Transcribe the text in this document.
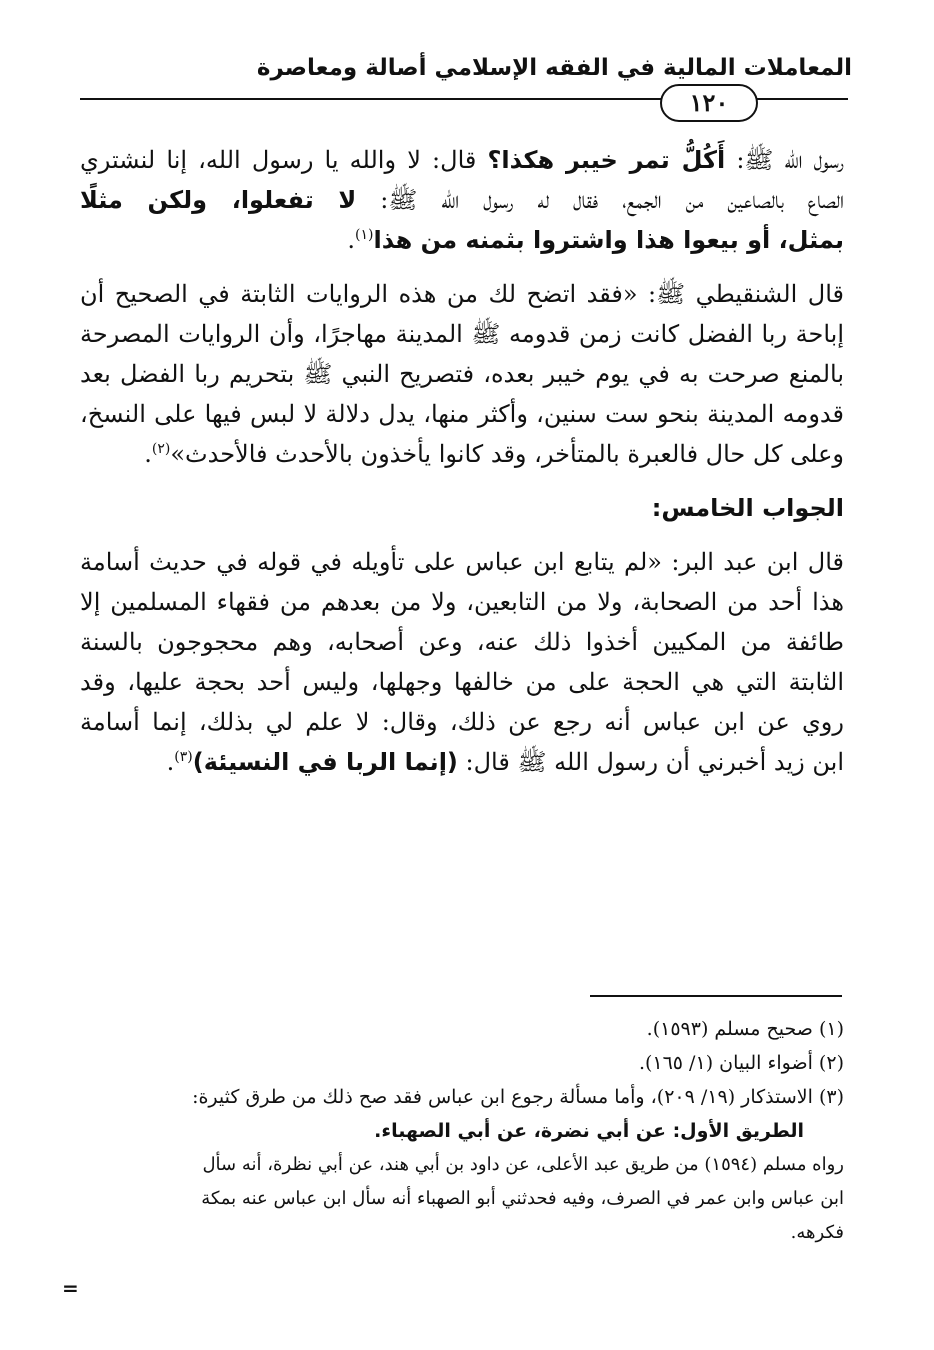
المعاملات المالية في الفقه الإسلامي أصالة ومعاصرة
١٢٠

رسول الله ﷺ: أَكُلُّ تمر خيبر هكذا؟ قال: لا والله يا رسول الله، إنا لنشتري
الصاع بالصاعين من الجمع، فقال له رسول الله ﷺ: لا تفعلوا، ولكن مثلًا
بمثل، أو بيعوا هذا واشتروا بثمنه من هذا$^{(١)}$.

قال الشنقيطي ﷺ: «فقد اتضح لك من هذه الروايات الثابتة في الصحيح أن
إباحة ربا الفضل كانت زمن قدومه ﷺ المدينة مهاجرًا، وأن الروايات المصرحة
بالمنع صرحت به في يوم خيبر بعده، فتصريح النبي ﷺ بتحريم ربا الفضل بعد
قدومه المدينة بنحو ست سنين، وأكثر منها، يدل دلالة لا لبس فيها على النسخ،
وعلى كل حال فالعبرة بالمتأخر، وقد كانوا يأخذون بالأحدث فالأحدث»$^{(٢)}$.

الجواب الخامس:

قال ابن عبد البر: «لم يتابع ابن عباس على تأويله في قوله في حديث أسامة
هذا أحد من الصحابة، ولا من التابعين، ولا من بعدهم من فقهاء المسلمين إلا
طائفة من المكيين أخذوا ذلك عنه، وعن أصحابه، وهم محجوجون بالسنة
الثابتة التي هي الحجة على من خالفها وجهلها، وليس أحد بحجة عليها، وقد
روي عن ابن عباس أنه رجع عن ذلك، وقال: لا علم لي بذلك، إنما أسامة
ابن زيد أخبرني أن رسول الله ﷺ قال: (إنما الربا في النسيئة)$^{(٣)}$.

(١) صحيح مسلم (١٥٩٣).
(٢) أضواء البيان (١/ ١٦٥).
(٣) الاستذكار (١٩/ ٢٠٩)، وأما مسألة رجوع ابن عباس فقد صح ذلك من طرق كثيرة:
الطريق الأول: عن أبي نضرة، عن أبي الصهباء.
رواه مسلم (١٥٩٤) من طريق عبد الأعلى، عن داود بن أبي هند، عن أبي نظرة، أنه سأل
ابن عباس وابن عمر في الصرف، وفيه فحدثني أبو الصهباء أنه سأل ابن عباس عنه بمكة
فكرهه.
=
